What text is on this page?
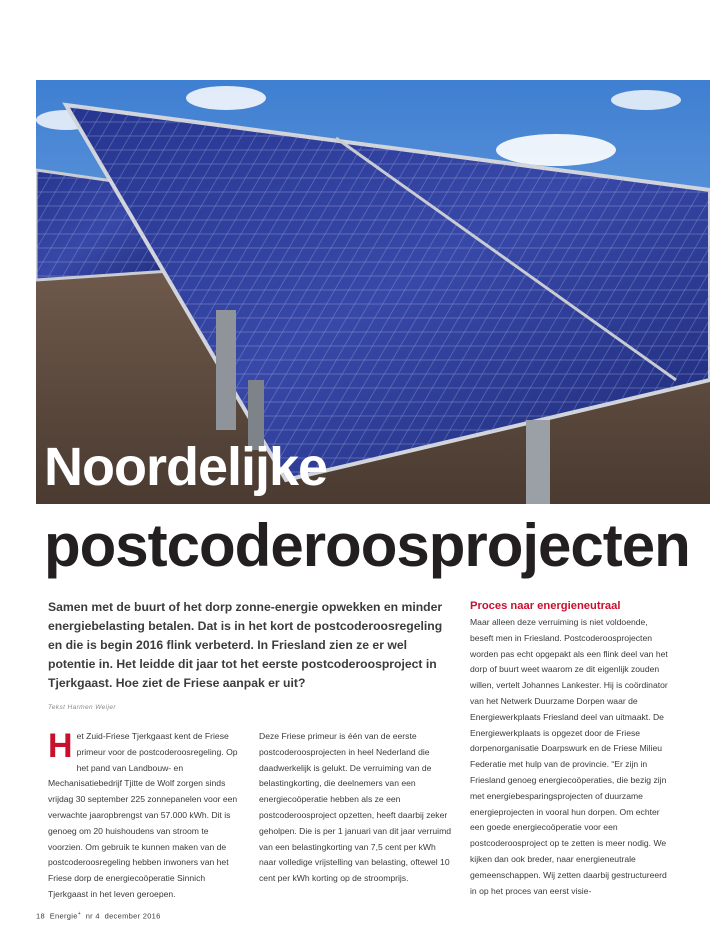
Noordelijke
postcoderoosprojecten

Samen met de buurt of het dorp zonne-energie opwekken en minder energiebelasting betalen. Dat is in het kort de postcoderoosregeling en die is begin 2016 flink verbeterd. In Friesland zien ze er wel potentie in. Het leidde dit jaar tot het eerste postcoderoosproject in Tjerkgaast. Hoe ziet de Friese aanpak er uit?

Tekst Harmen Weijer

Het Zuid-Friese Tjerkgaast kent de Friese primeur voor de postcoderoosregeling. Op het pand van Landbouw- en Mechanisatiebedrijf Tjitte de Wolf zorgen sinds vrijdag 30 september 225 zonnepanelen voor een verwachte jaaropbrengst van 57.000 kWh. Dit is genoeg om 20 huishoudens van stroom te voorzien. Om gebruik te kunnen maken van de postcoderoosregeling hebben inwoners van het Friese dorp de energiecoöperatie Sinnich Tjerkgaast in het leven geroepen.

Deze Friese primeur is één van de eerste postcoderoosprojecten in heel Nederland die daadwerkelijk is gelukt. De verruiming van de belastingkorting, die deelnemers van een energiecoöperatie hebben als ze een postcoderoosproject opzetten, heeft daarbij zeker geholpen. Die is per 1 januari van dit jaar verruimd van een belastingkorting van 7,5 cent per kWh naar volledige vrijstelling van belasting, oftewel 10 cent per kWh korting op de stroomprijs.

Proces naar energieneutraal

Maar alleen deze verruiming is niet voldoende, beseft men in Friesland. Postcoderoosprojecten worden pas echt opgepakt als een flink deel van het dorp of buurt weet waarom ze dit eigenlijk zouden willen, vertelt Johannes Lankester. Hij is coördinator van het Netwerk Duurzame Dorpen waar de Energiewerkplaats Friesland deel van uitmaakt. De Energiewerkplaats is opgezet door de Friese dorpenorganisatie Doarpswurk en de Friese Milieu Federatie met hulp van de provincie. “Er zijn in Friesland genoeg energiecoöperaties, die bezig zijn met energiebesparingsprojecten of duurzame energieprojecten in vooral hun dorpen. Om echter een goede energiecoöperatie voor een postcoderoosproject op te zetten is meer nodig. We kijken dan ook breder, naar energieneutrale gemeenschappen. Wij zetten daarbij gestructureerd in op het proces van eerst visie-

18 Energie+ nr 4 december 2016
